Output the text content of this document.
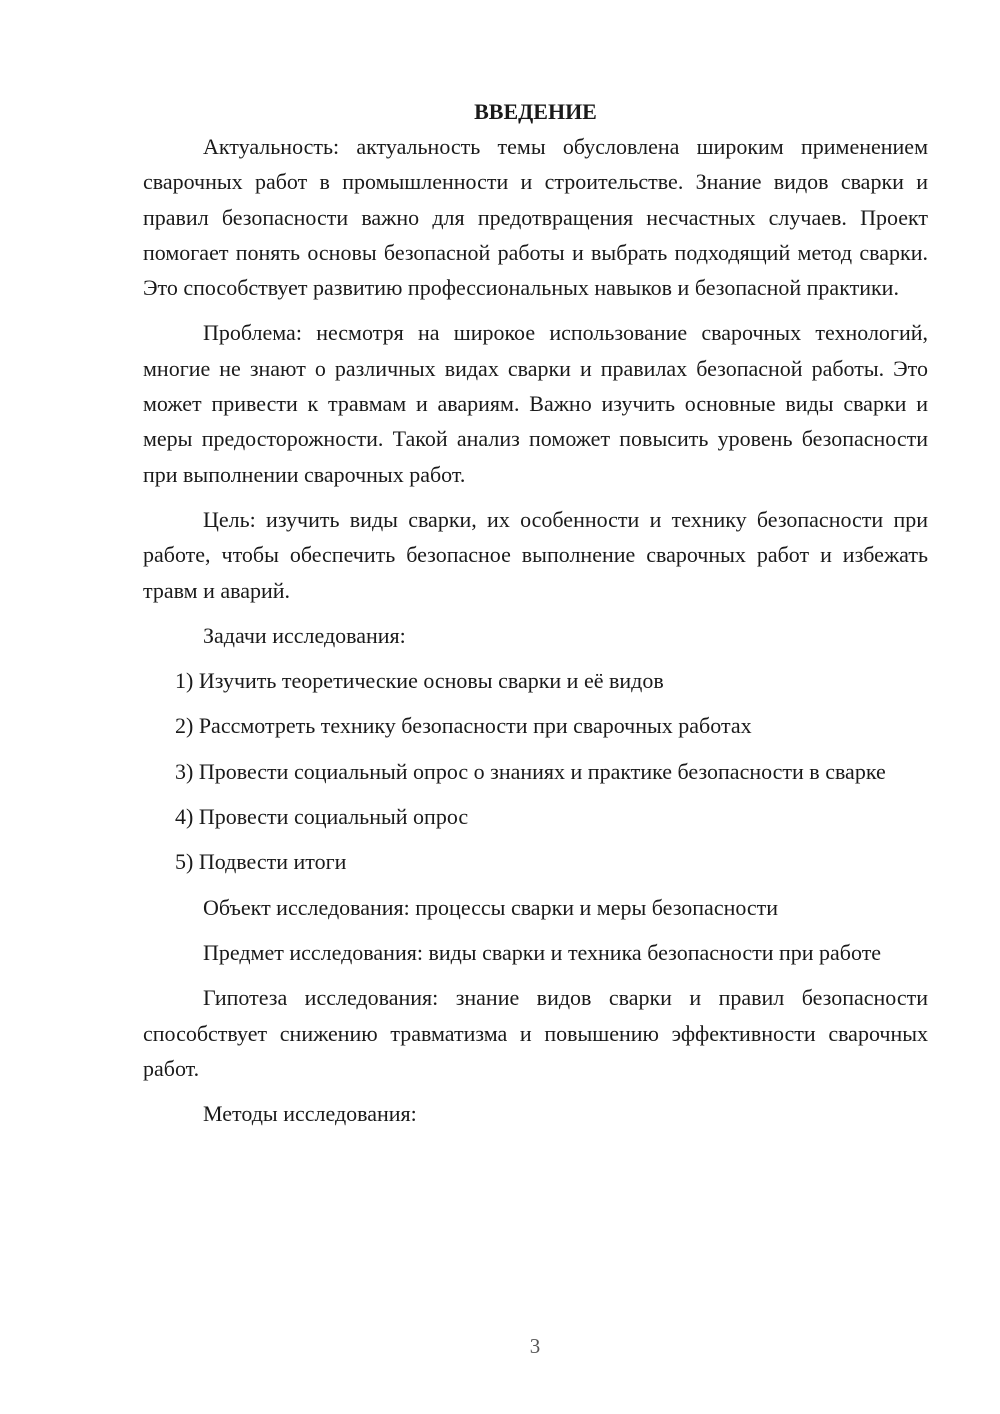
ВВЕДЕНИЕ

Актуальность: актуальность темы обусловлена широким применением сварочных работ в промышленности и строительстве. Знание видов сварки и правил безопасности важно для предотвращения несчастных случаев. Проект помогает понять основы безопасной работы и выбрать подходящий метод сварки. Это способствует развитию профессиональных навыков и безопасной практики.

Проблема: несмотря на широкое использование сварочных технологий, многие не знают о различных видах сварки и правилах безопасной работы. Это может привести к травмам и авариям. Важно изучить основные виды сварки и меры предосторожности. Такой анализ поможет повысить уровень безопасности при выполнении сварочных работ.

Цель: изучить виды сварки, их особенности и технику безопасности при работе, чтобы обеспечить безопасное выполнение сварочных работ и избежать травм и аварий.

Задачи исследования:

1) Изучить теоретические основы сварки и её видов

2) Рассмотреть технику безопасности при сварочных работах

3) Провести социальный опрос о знаниях и практике безопасности в сварке

4) Провести социальный опрос

5) Подвести итоги

Объект исследования: процессы сварки и меры безопасности

Предмет исследования: виды сварки и техника безопасности при работе

Гипотеза исследования: знание видов сварки и правил безопасности способствует снижению травматизма и повышению эффективности сварочных работ.

Методы исследования:

3
